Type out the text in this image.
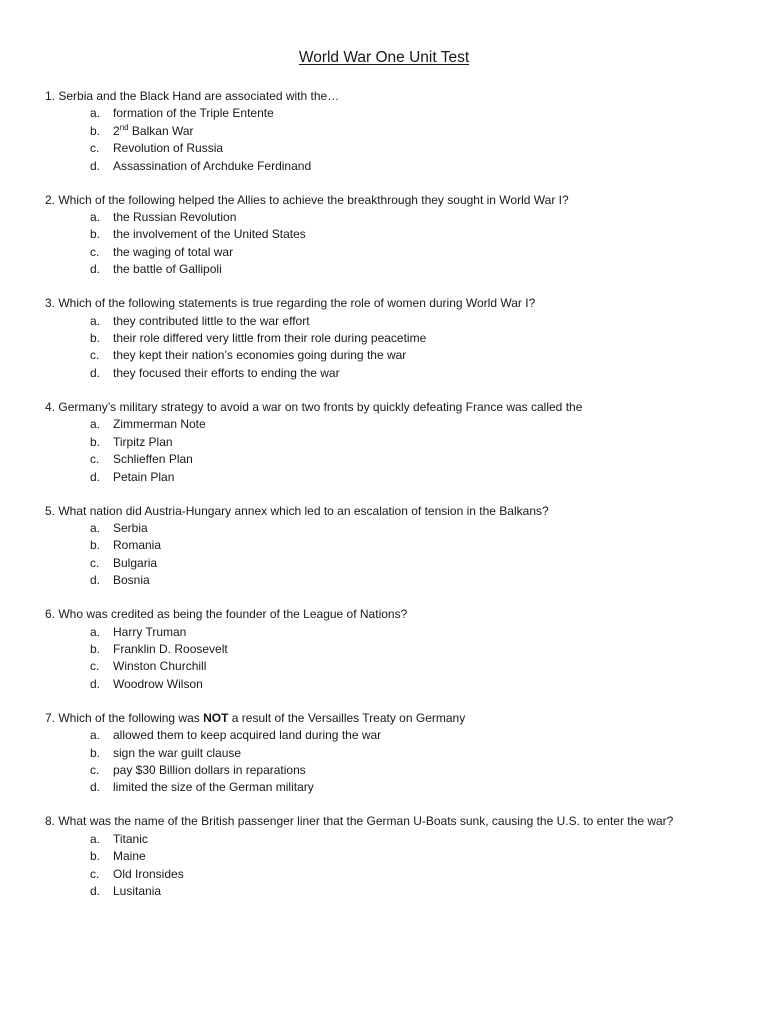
World War One Unit Test
1. Serbia and the Black Hand are associated with the…
a. formation of the Triple Entente
b. 2nd Balkan War
c. Revolution of Russia
d. Assassination of Archduke Ferdinand
2. Which of the following helped the Allies to achieve the breakthrough they sought in World War I?
a. the Russian Revolution
b. the involvement of the United States
c. the waging of total war
d. the battle of Gallipoli
3. Which of the following statements is true regarding the role of women during World War I?
a. they contributed little to the war effort
b. their role differed very little from their role during peacetime
c. they kept their nation’s economies going during the war
d. they focused their efforts to ending the war
4. Germany’s military strategy to avoid a war on two fronts by quickly defeating France was called the
a. Zimmerman Note
b. Tirpitz Plan
c. Schlieffen Plan
d. Petain Plan
5. What nation did Austria-Hungary annex which led to an escalation of tension in the Balkans?
a. Serbia
b. Romania
c. Bulgaria
d. Bosnia
6. Who was credited as being the founder of the League of Nations?
a. Harry Truman
b. Franklin D. Roosevelt
c. Winston Churchill
d. Woodrow Wilson
7. Which of the following was NOT a result of the Versailles Treaty on Germany
a. allowed them to keep acquired land during the war
b. sign the war guilt clause
c. pay $30 Billion dollars in reparations
d. limited the size of the German military
8. What was the name of the British passenger liner that the German U-Boats sunk, causing the U.S. to enter the war?
a. Titanic
b. Maine
c. Old Ironsides
d. Lusitania
